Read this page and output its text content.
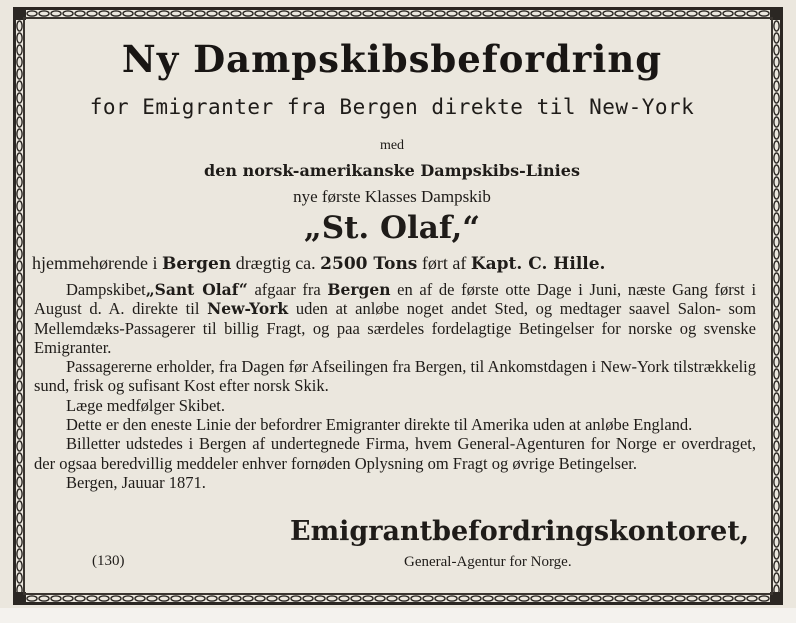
Ny Dampskibsbefordring
for Emigranter fra Bergen direkte til New-York
med
den norsk-amerikanske Dampskibs-Linies
nye første Klasses Dampskib
„St. Olaf,“
hjemmehørende i Bergen drægtig ca. 2500 Tons ført af Kapt. C. Hille.

Dampskibet„Sant Olaf“ afgaar fra Bergen en af de første otte Dage i Juni, næste Gang først i August d. A. direkte til New-York uden at anløbe noget andet Sted, og medtager saavel Salon- som Mellemdæks-Passagerer til billig Fragt, og paa særdeles fordelagtige Betingelser for norske og svenske Emigranter.

Passagererne erholder, fra Dagen før Afseilingen fra Bergen, til Ankomstdagen i New-York tilstrækkelig sund, frisk og sufisant Kost efter norsk Skik.

Læge medfølger Skibet.

Dette er den eneste Linie der befordrer Emigranter direkte til Amerika uden at anløbe England.

Billetter udstedes i Bergen af undertegnede Firma, hvem General-Agenturen for Norge er overdraget, der ogsaa beredvillig meddeler enhver fornøden Oplysning om Fragt og øvrige Betingelser.

Bergen, Jauuar 1871.

Emigrantbefordringskontoret,
(130)	General-Agentur for Norge.
